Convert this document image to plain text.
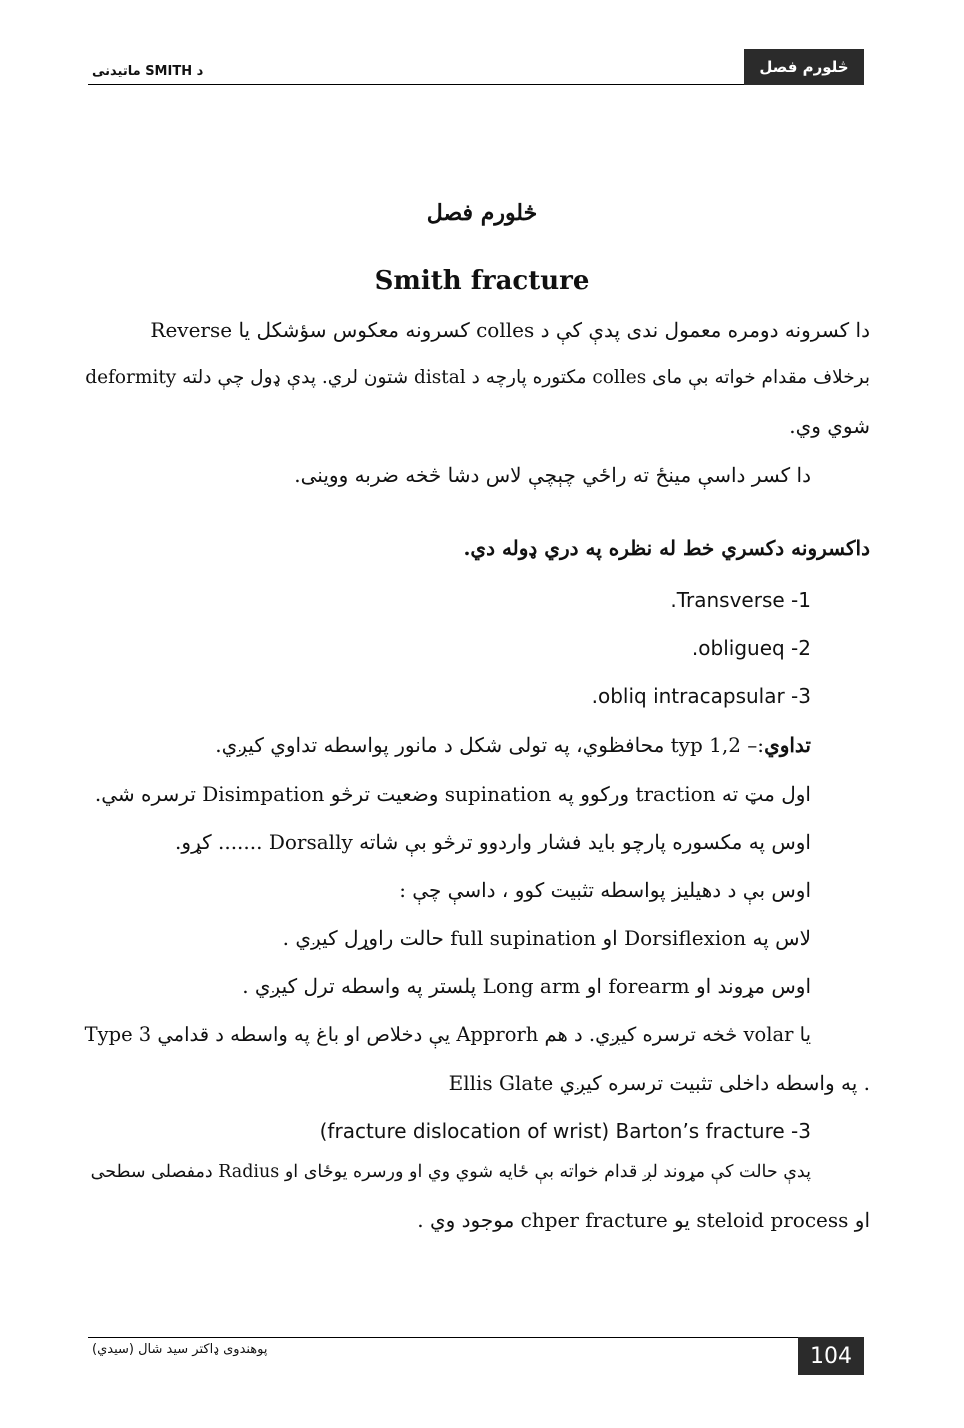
څلورم فصل
د SMITH ماتیدنی
څلورم فصل
Smith fracture
دا کسرونه دومره معمول ندی پدې کې د colles کسرونه معکوس سؤشکل یا Reverse
deformity شتون لري. پدې ډول چې دلته distal مکتوره پارچه د colles برخلاف مقدام خواته بې مای
شوي وي.
دا کسر داسې مینځ ته راځي چېچې لاس دشا څخه ضربه ووینی.
داکسرونه دکسري خط له نظره په دري ډوله دي.
.Transverse -1
.obligueq -2
.obliq intracapsular -3
تداوي:– typ 1,2 محافظوي، په تولی شکل د مانور پواسطه تداوي کیږي.
اول مټ ته traction ورکوو په supination وضعیت ترڅو Disimpation ترسره شي.
اوس په مکسوره پارچو باید فشار واردوو ترڅو بې شاته Dorsally ....... کړو.
اوس بې د دهیلیز پواسطه تثبیت کوو ، داسې چې :
لاس په Dorsiflexion او full supination حالت راوړل کیږي .
اوس مړوند او forearm او Long arm پلستر په واسطه ترل کیږي .
Type 3 یې دخلاص او باغ په واسطه د قدامي Approrh څخه ترسره کیږي. د هم volar یا
Ellis Glate په واسطه داخلی تثبیت ترسره کیږي .
(fracture dislocation of wrist) Barton’s fracture -3
پدې حالت کې مړوند لږ قدام خواته بې ځایه شوي وي او ورسره یوځای او Radius دمفصلی سطحی
او steloid process یو chper fracture موجود وي .
پوهندوی ډاکتر سید شال (سیدي)	104
